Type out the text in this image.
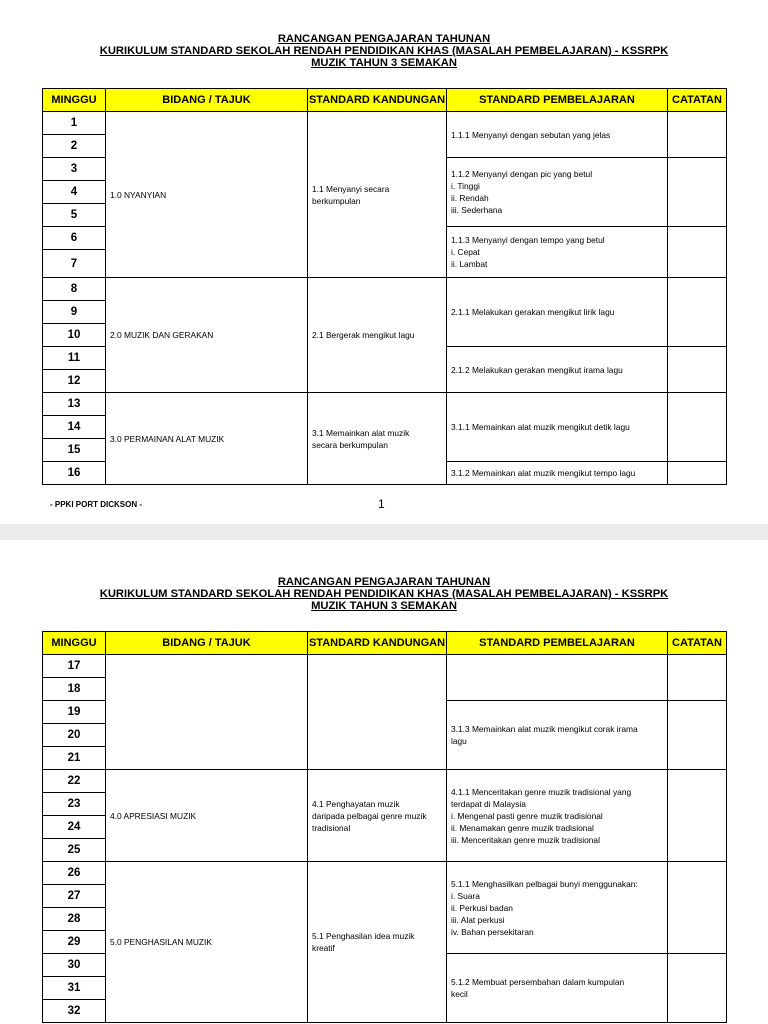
RANCANGAN PENGAJARAN TAHUNAN
KURIKULUM STANDARD SEKOLAH RENDAH PENDIDIKAN KHAS (MASALAH PEMBELAJARAN) - KSSRPK
MUZIK TAHUN 3 SEMAKAN
MINGGU	BIDANG / TAJUK	STANDARD KANDUNGAN	STANDARD PEMBELAJARAN	CATATAN
1	1.0 NYANYIAN	1.1 Menyanyi secara
berkumpulan	1.1.1 Menyanyi dengan sebutan yang jelas	
2				
3			1.1.2 Menyanyi dengan pic yang betul
i. Tinggi
ii. Rendah
iii. Sederhana	
4				
5				
6			1.1.3 Menyanyi dengan tempo yang betul
i. Cepat
ii. Lambat	
7				
8	2.0 MUZIK DAN GERAKAN	2.1 Bergerak mengikut lagu	2.1.1 Melakukan gerakan mengikut lirik lagu	
9				
10				
11			2.1.2 Melakukan gerakan mengikut irama lagu	
12				
13	3.0 PERMAINAN ALAT MUZIK	3.1 Memainkan alat muzik
secara berkumpulan	3.1.1 Memainkan alat muzik mengikut detik lagu	
14				
15				
16			3.1.2 Memainkan alat muzik mengikut tempo lagu	
- PPKI PORT DICKSON -	1
RANCANGAN PENGAJARAN TAHUNAN
KURIKULUM STANDARD SEKOLAH RENDAH PENDIDIKAN KHAS (MASALAH PEMBELAJARAN) - KSSRPK
MUZIK TAHUN 3 SEMAKAN
MINGGU	BIDANG / TAJUK	STANDARD KANDUNGAN	STANDARD PEMBELAJARAN	CATATAN
17				
18				
19			3.1.3 Memainkan alat muzik mengikut corak irama
lagu	
20				
21				
22	4.0 APRESIASI MUZIK	4.1 Penghayatan muzik
daripada pelbagai genre muzik
tradisional	4.1.1 Menceritakan genre muzik tradisional yang
terdapat di Malaysia
i. Mengenal pasti genre muzik tradisional
ii. Menamakan genre muzik tradisional
iii. Menceritakan genre muzik tradisional	
23				
24				
25				
26	5.0 PENGHASILAN MUZIK	5.1 Penghasilan idea muzik
kreatif	5.1.1 Menghasilkan pelbagai bunyi menggunakan:
i. Suara
ii. Perkusi badan
iii. Alat perkusi
iv. Bahan persekitaran	
27				
28				
29				
30			5.1.2 Membuat persembahan dalam kumpulan
kecil	
31				
32				
